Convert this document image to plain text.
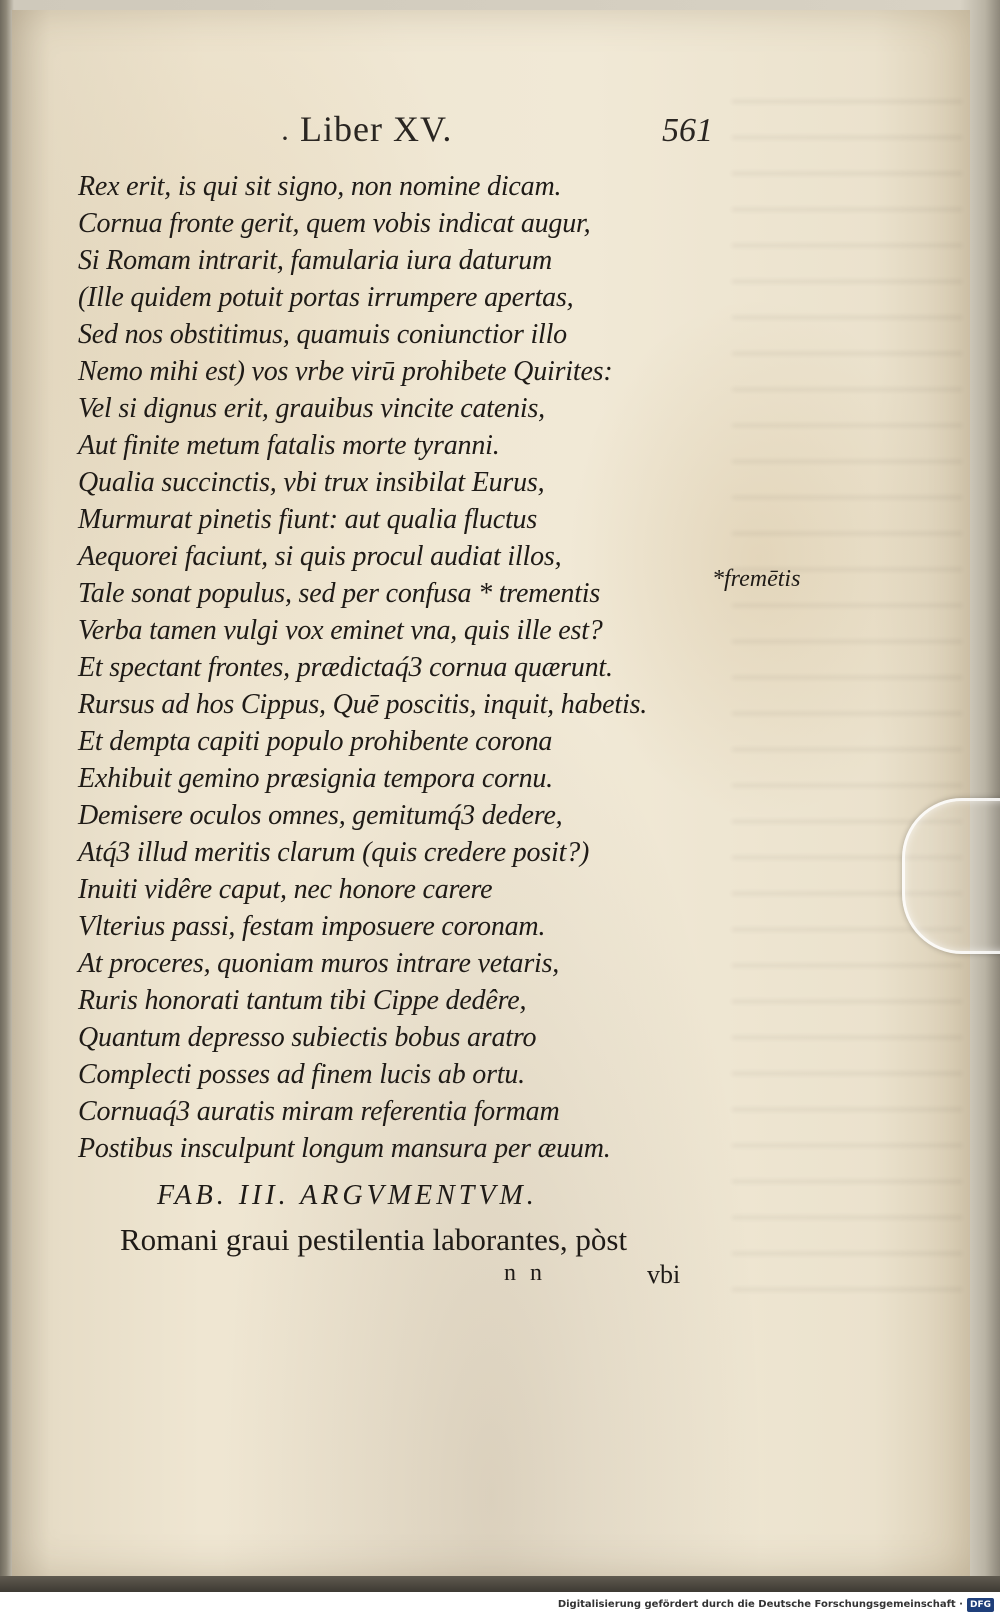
· Liber XV.	561
Rex erit, is qui sit signo, non nomine dicam.
Cornua fronte gerit, quem vobis indicat augur,
Si Romam intrarit, famularia iura daturum
(Ille quidem potuit portas irrumpere apertas,
Sed nos obstitimus, quamuis coniunctior illo
Nemo mihi est) vos vrbe virū prohibete Quirites:
Vel si dignus erit, grauibus vincite catenis,
Aut finite metum fatalis morte tyranni.
Qualia succinctis, vbi trux insibilat Eurus,
Murmurat pinetis fiunt: aut qualia fluctus
Aequorei faciunt, si quis procul audiat illos,
Tale sonat populus, sed per confusa * trementis
Verba tamen vulgi vox eminet vna, quis ille est?
Et spectant frontes, prædictaq́3 cornua quærunt.
Rursus ad hos Cippus, Quē poscitis, inquit, habetis.
Et dempta capiti populo prohibente corona
Exhibuit gemino præsignia tempora cornu.
Demisere oculos omnes, gemitumq́3 dedere,
Atq́3 illud meritis clarum (quis credere posit?)
Inuiti vidêre caput, nec honore carere
Vlterius passi, festam imposuere coronam.
At proceres, quoniam muros intrare vetaris,
Ruris honorati tantum tibi Cippe dedêre,
Quantum depresso subiectis bobus aratro
Complecti posses ad finem lucis ab ortu.
Cornuaq́3 auratis miram referentia formam
Postibus insculpunt longum mansura per æuum.
*fremētis
FAB. III. ARGVMENTVM.
Romani graui pestilentia laborantes, pòst
n n	vbi
Digitalisierung gefördert durch die Deutsche Forschungsgemeinschaft · DFG
